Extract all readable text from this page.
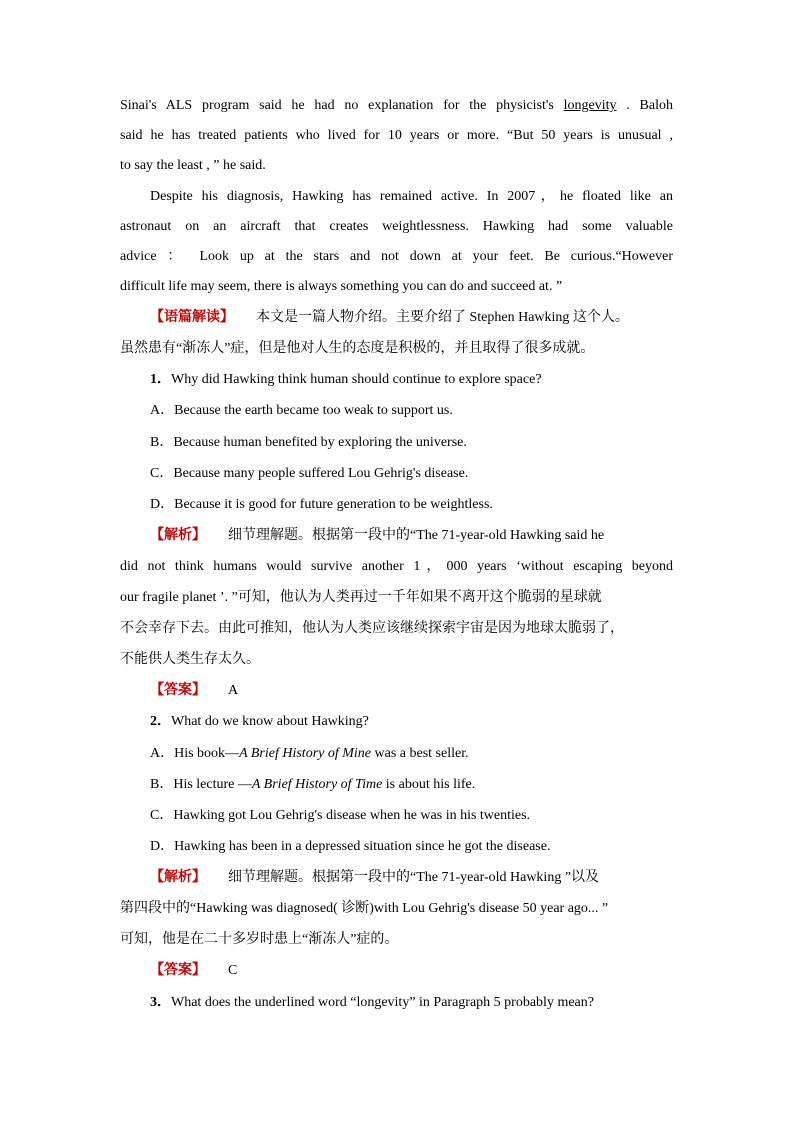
Sinai's ALS program said he had no explanation for the physicist's longevity . Baloh
said he has treated patients who lived for 10 years or more. “But 50 years is unusual ,
to say the least , ” he said.
Despite his diagnosis, Hawking has remained active. In 2007，he floated like an
astronaut on an aircraft that creates weightlessness. Hawking had some valuable
advice ： Look up at the stars and not down at your feet. Be curious.“However
difficult life may seem, there is always something you can do and succeed at. ”
【语篇解读】 本文是一篇人物介绍。主要介绍了 Stephen Hawking 这个人。
虽然患有“渐冻人”症，但是他对人生的态度是积极的，并且取得了很多成就。
1．Why did Hawking think human should continue to explore space?
A．Because the earth became too weak to support us.
B．Because human benefited by exploring the universe.
C．Because many people suffered Lou Gehrig's disease.
D．Because it is good for future generation to be weightless.
【解析】 细节理解题。根据第一段中的“The 71-year-old Hawking said he
did not think humans would survive another 1，000 years ‘without escaping beyond
our fragile planet ’. ”可知，他认为人类再过一千年如果不离开这个脆弱的星球就
不会幸存下去。由此可推知，他认为人类应该继续探索宇宙是因为地球太脆弱了，
不能供人类生存太久。
【答案】 A
2．What do we know about Hawking?
A．His book—A Brief History of Mine was a best seller.
B．His lecture —A Brief History of Time is about his life.
C．Hawking got Lou Gehrig's disease when he was in his twenties.
D．Hawking has been in a depressed situation since he got the disease.
【解析】 细节理解题。根据第一段中的“The 71-year-old Hawking ”以及
第四段中的“Hawking was diagnosed( 诊断)with Lou Gehrig's disease 50 year ago... ”
可知，他是在二十多岁时患上“渐冻人”症的。
【答案】 C
3．What does the underlined word “longevity” in Paragraph 5 probably mean?
